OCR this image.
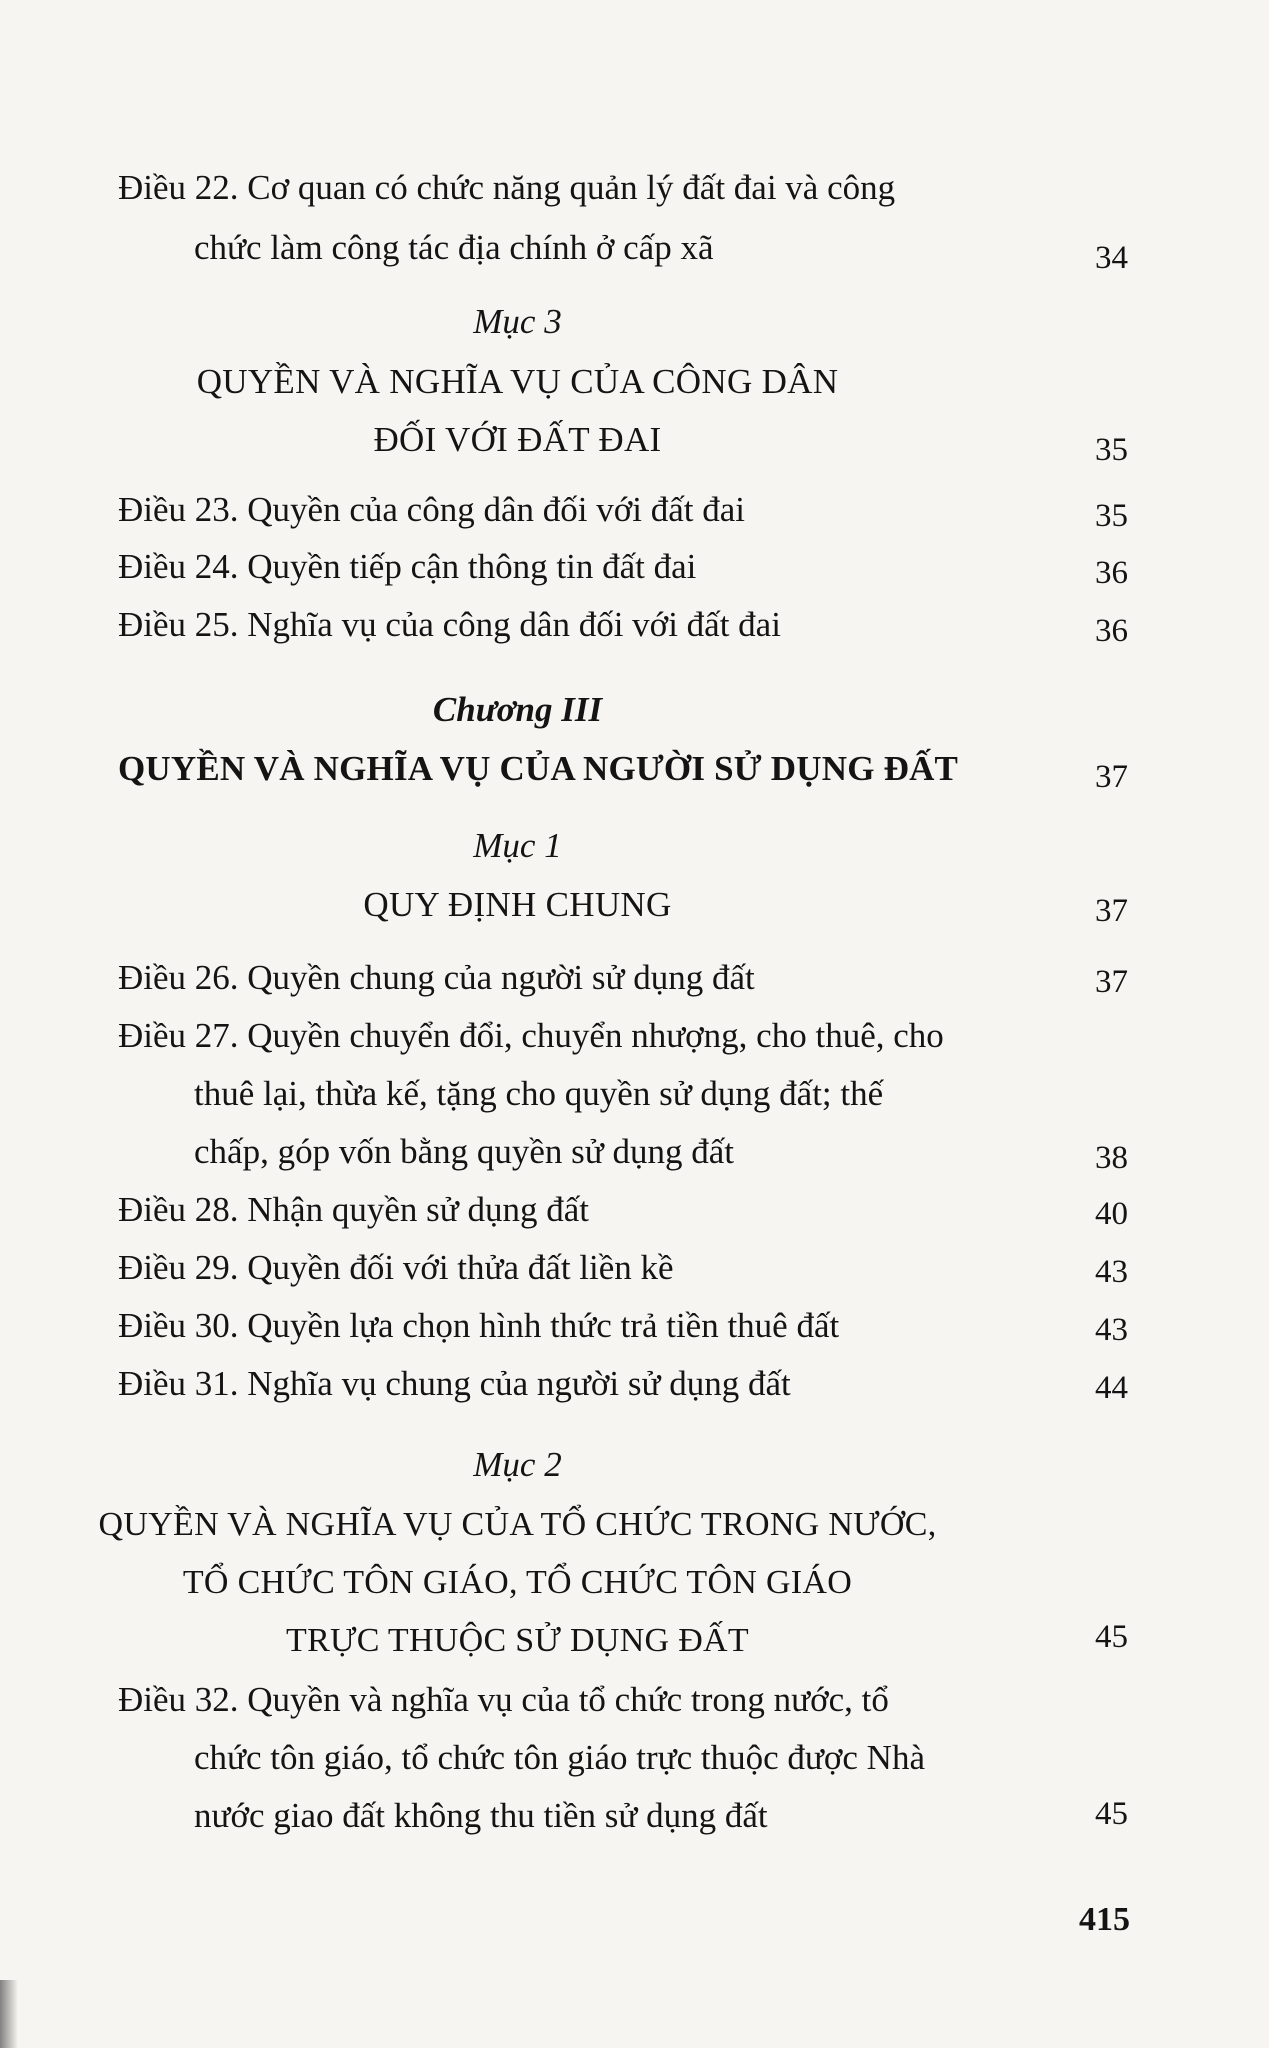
Điều 22. Cơ quan có chức năng quản lý đất đai và công
chức làm công tác địa chính ở cấp xã	34
Mục 3
QUYỀN VÀ NGHĨA VỤ CỦA CÔNG DÂN
ĐỐI VỚI ĐẤT ĐAI	35
Điều 23. Quyền của công dân đối với đất đai	35
Điều 24. Quyền tiếp cận thông tin đất đai	36
Điều 25. Nghĩa vụ của công dân đối với đất đai	36
Chương III
QUYỀN VÀ NGHĨA VỤ CỦA NGƯỜI SỬ DỤNG ĐẤT	37
Mục 1
QUY ĐỊNH CHUNG	37
Điều 26. Quyền chung của người sử dụng đất	37
Điều 27. Quyền chuyển đổi, chuyển nhượng, cho thuê, cho
thuê lại, thừa kế, tặng cho quyền sử dụng đất; thế
chấp, góp vốn bằng quyền sử dụng đất	38
Điều 28. Nhận quyền sử dụng đất	40
Điều 29. Quyền đối với thửa đất liền kề	43
Điều 30. Quyền lựa chọn hình thức trả tiền thuê đất	43
Điều 31. Nghĩa vụ chung của người sử dụng đất	44
Mục 2
QUYỀN VÀ NGHĨA VỤ CỦA TỔ CHỨC TRONG NƯỚC,
TỔ CHỨC TÔN GIÁO, TỔ CHỨC TÔN GIÁO
TRỰC THUỘC SỬ DỤNG ĐẤT	45
Điều 32. Quyền và nghĩa vụ của tổ chức trong nước, tổ
chức tôn giáo, tổ chức tôn giáo trực thuộc được Nhà
nước giao đất không thu tiền sử dụng đất	45
415
